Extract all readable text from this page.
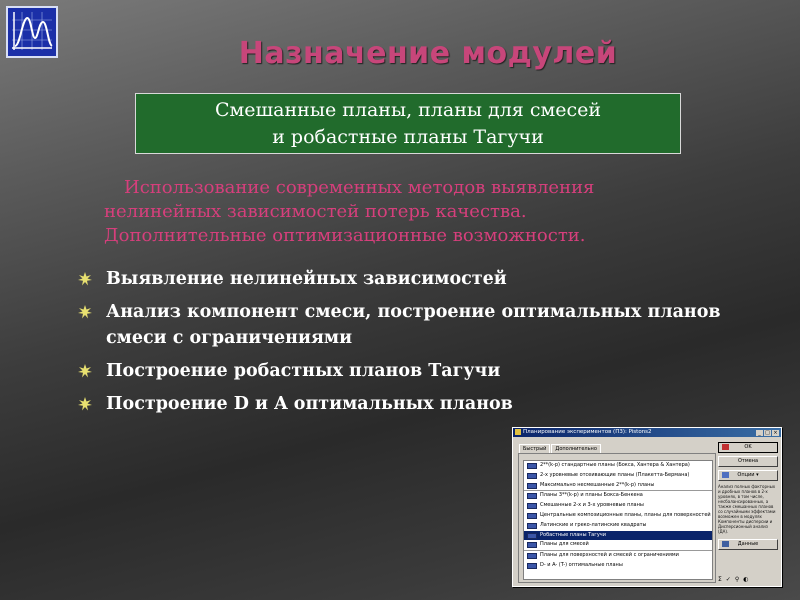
Назначение модулей
Смешанные планы, планы для смесей
и робастные планы Тагучи
Использование современных методов выявления
нелинейных зависимостей потерь качества.
Дополнительные оптимизационные возможности.
Выявление нелинейных зависимостей
Анализ компонент смеси, построение оптимальных планов смеси с ограничениями
Построение робастных планов Тагучи
Построение D и A оптимальных планов
Планирование экспериментов (П3): Pistons2	_ □ ×
Быстрый Дополнительно
2**(k-p) стандартные планы (Бокса, Хантера & Хантера)
2-х уровневые отсеивающие планы (Плакетта-Бермана)
Максимально несмешанные 2**(k-p) планы
Планы 3**(k-p) и планы Бокса-Бенкена
Смешанные 2-х и 3-х уровневые планы
Центральные композиционные планы, планы для поверхностей
Латинские и греко-латинские квадраты
Робастные планы Тагучи
Планы для смесей
Планы для поверхностей и смесей с ограничениями
D- и A- (T-) оптимальные планы
OK
Отмена
Опции ▾
Анализ полных факторных и дробных планов в 2-х уровнях, в том числе, несбалансированных, а также смешанных планов со случайными эффектами возможен в модулях Компоненты дисперсии и Дисперсионный анализ (ДА).
Данные
Σ✓⚲◐
